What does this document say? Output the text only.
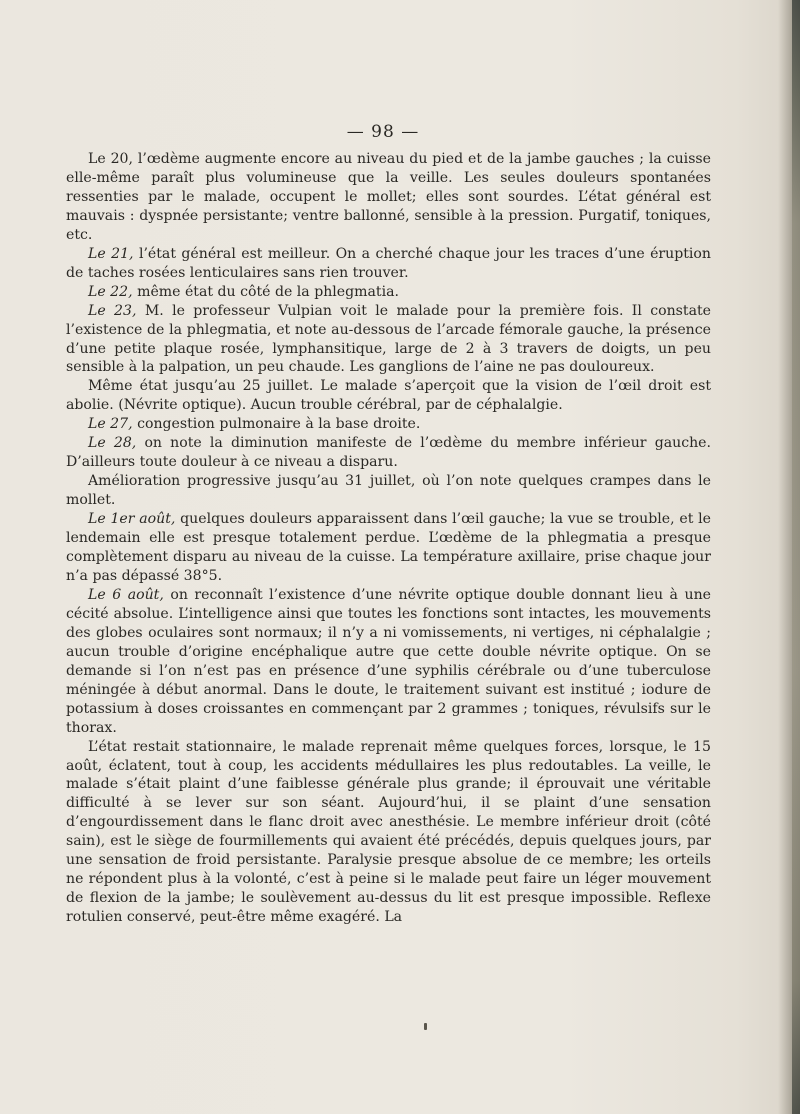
— 98 —

Le 20, l’œdème augmente encore au niveau du pied et de la jambe gauches ; la cuisse elle-même paraît plus volumineuse que la veille. Les seules douleurs spontanées ressenties par le malade, occupent le mollet; elles sont sourdes. L’état général est mauvais : dyspnée persistante; ventre ballonné, sensible à la pression. Purgatif, toniques, etc.

Le 21, l’état général est meilleur. On a cherché chaque jour les traces d’une éruption de taches rosées lenticulaires sans rien trouver.

Le 22, même état du côté de la phlegmatia.

Le 23, M. le professeur Vulpian voit le malade pour la première fois. Il constate l’existence de la phlegmatia, et note au-dessous de l’arcade fémorale gauche, la présence d’une petite plaque rosée, lymphansitique, large de 2 à 3 travers de doigts, un peu sensible à la palpation, un peu chaude. Les ganglions de l’aine ne pas douloureux.

Même état jusqu’au 25 juillet. Le malade s’aperçoit que la vision de l’œil droit est abolie. (Névrite optique). Aucun trouble cérébral, par de céphalalgie.

Le 27, congestion pulmonaire à la base droite.

Le 28, on note la diminution manifeste de l’œdème du membre inférieur gauche. D’ailleurs toute douleur à ce niveau a disparu.

Amélioration progressive jusqu’au 31 juillet, où l’on note quelques crampes dans le mollet.

Le 1er août, quelques douleurs apparaissent dans l’œil gauche; la vue se trouble, et le lendemain elle est presque totalement perdue. L’œdème de la phlegmatia a presque complètement disparu au niveau de la cuisse. La température axillaire, prise chaque jour n’a pas dépassé 38°5.

Le 6 août, on reconnaît l’existence d’une névrite optique double donnant lieu à une cécité absolue. L’intelligence ainsi que toutes les fonctions sont intactes, les mouvements des globes oculaires sont normaux; il n’y a ni vomissements, ni vertiges, ni céphalalgie ; aucun trouble d’origine encéphalique autre que cette double névrite optique. On se demande si l’on n’est pas en présence d’une syphilis cérébrale ou d’une tuberculose méningée à début anormal. Dans le doute, le traitement suivant est institué ; iodure de potassium à doses croissantes en commençant par 2 grammes ; toniques, révulsifs sur le thorax.

L’état restait stationnaire, le malade reprenait même quelques forces, lorsque, le 15 août, éclatent, tout à coup, les accidents médullaires les plus redoutables. La veille, le malade s’était plaint d’une faiblesse générale plus grande; il éprouvait une véritable difficulté à se lever sur son séant. Aujourd’hui, il se plaint d’une sensation d’engourdissement dans le flanc droit avec anesthésie. Le membre inférieur droit (côté sain), est le siège de fourmillements qui avaient été précédés, depuis quelques jours, par une sensation de froid persistante. Paralysie presque absolue de ce membre; les orteils ne répondent plus à la volonté, c’est à peine si le malade peut faire un léger mouvement de flexion de la jambe; le soulèvement au-dessus du lit est presque impossible. Reflexe rotulien conservé, peut-être même exagéré. La
